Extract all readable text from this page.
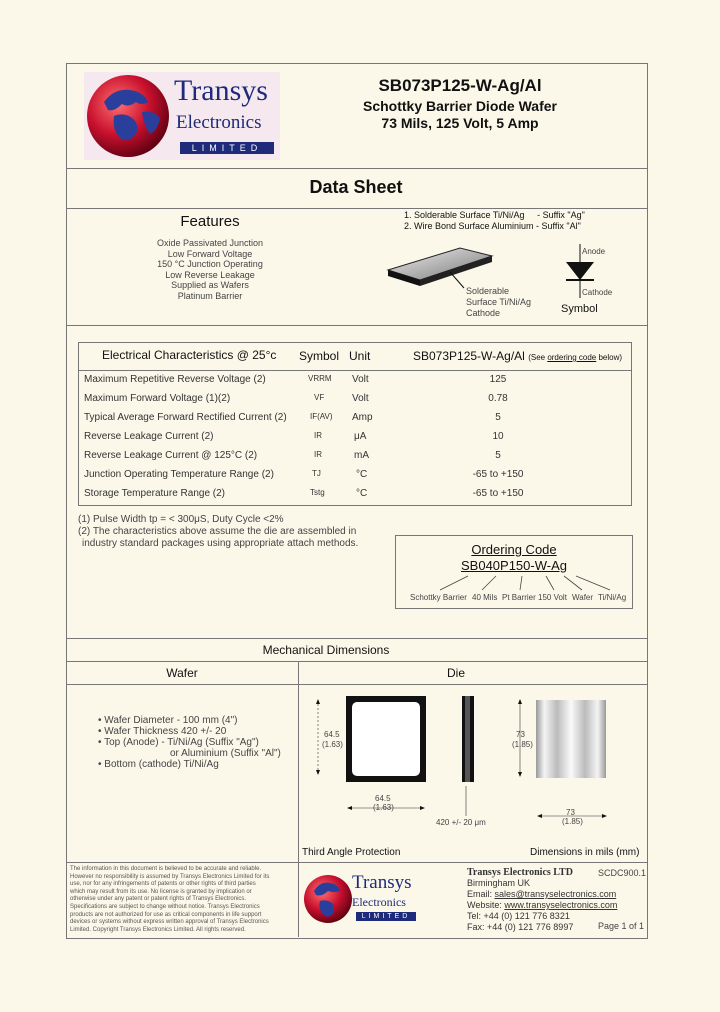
Transys
Electronics
LIMITED
SB073P125-W-Ag/Al
Schottky Barrier Diode Wafer
73 Mils, 125 Volt, 5 Amp
Data Sheet
Features
Oxide Passivated Junction
Low Forward Voltage
150 °C Junction Operating
Low Reverse Leakage
Supplied as Wafers
Platinum Barrier
1. Solderable Surface Ti/Ni/Ag     - Suffix "Ag"
2. Wire Bond Surface Aluminium - Suffix "Al"
Solderable
Surface Ti/Ni/Ag
Cathode
Anode
Cathode
Symbol
Electrical Characteristics @ 25°c Symbol Unit	SB073P125-W-Ag/Al (See ordering code below)
Maximum Repetitive Reverse Voltage (2)	VRRM Volt	125
Maximum Forward Voltage (1)(2)	VF	Volt	0.78
Typical Average Forward Rectified Current (2)	IF(AV) Amp	5
Reverse Leakage Current (2)	IR	μA	10
Reverse Leakage Current @ 125°C (2)	IR	mA	5
Junction Operating Temperature Range (2)	TJ	°C	-65 to +150
Storage Temperature Range (2)	Tstg	°C	-65 to +150
(1) Pulse Width tp = < 300μS, Duty Cycle <2%
(2) The characteristics above assume the die are assembled in
industry standard packages using appropriate attach methods.	Ordering Code
SB040P150-W-Ag
Schottky Barrier 40 Mils Pt Barrier 150 Volt Wafer Ti/Ni/Ag
Mechanical Dimensions
Wafer	Die
• Wafer Diameter - 100 mm (4")
• Wafer Thickness 420 +/- 20
• Top (Anode) - Ti/Ni/Ag (Suffix "Ag")
or Aluminium (Suffix "Al")
• Bottom (cathode) Ti/Ni/Ag
64.5
(1.63)
64.5
(1.63)
73
(1.85)
73
(1.85)
420 +/- 20 μm
Third Angle Protection	Dimensions in mils (mm)
The information in this document is believed to be accurate and reliable.
However no responsibility is assumed by Transys Electronics Limited for its
use, nor for any infringements of patents or other rights of third parties
which may result from its use. No license is granted by implication or
otherwise under any patent or patent rights of Transys Electronics.
Specifications are subject to change without notice. Transys Electronics
products are not authorized for use as critical components in life support
devices or systems without express written approval of Transys Electronics
Limited. Copyright Transys Electronics Limited. All rights reserved.
Transys
Electronics
LIMITED
Transys Electronics LTD
Birmingham UK
Email: sales@transyselectronics.com
Website: www.transyselectronics.com
Tel: +44 (0) 121 776 8321
Fax: +44 (0) 121 776 8997
SCDC900.1
Page 1 of 1
